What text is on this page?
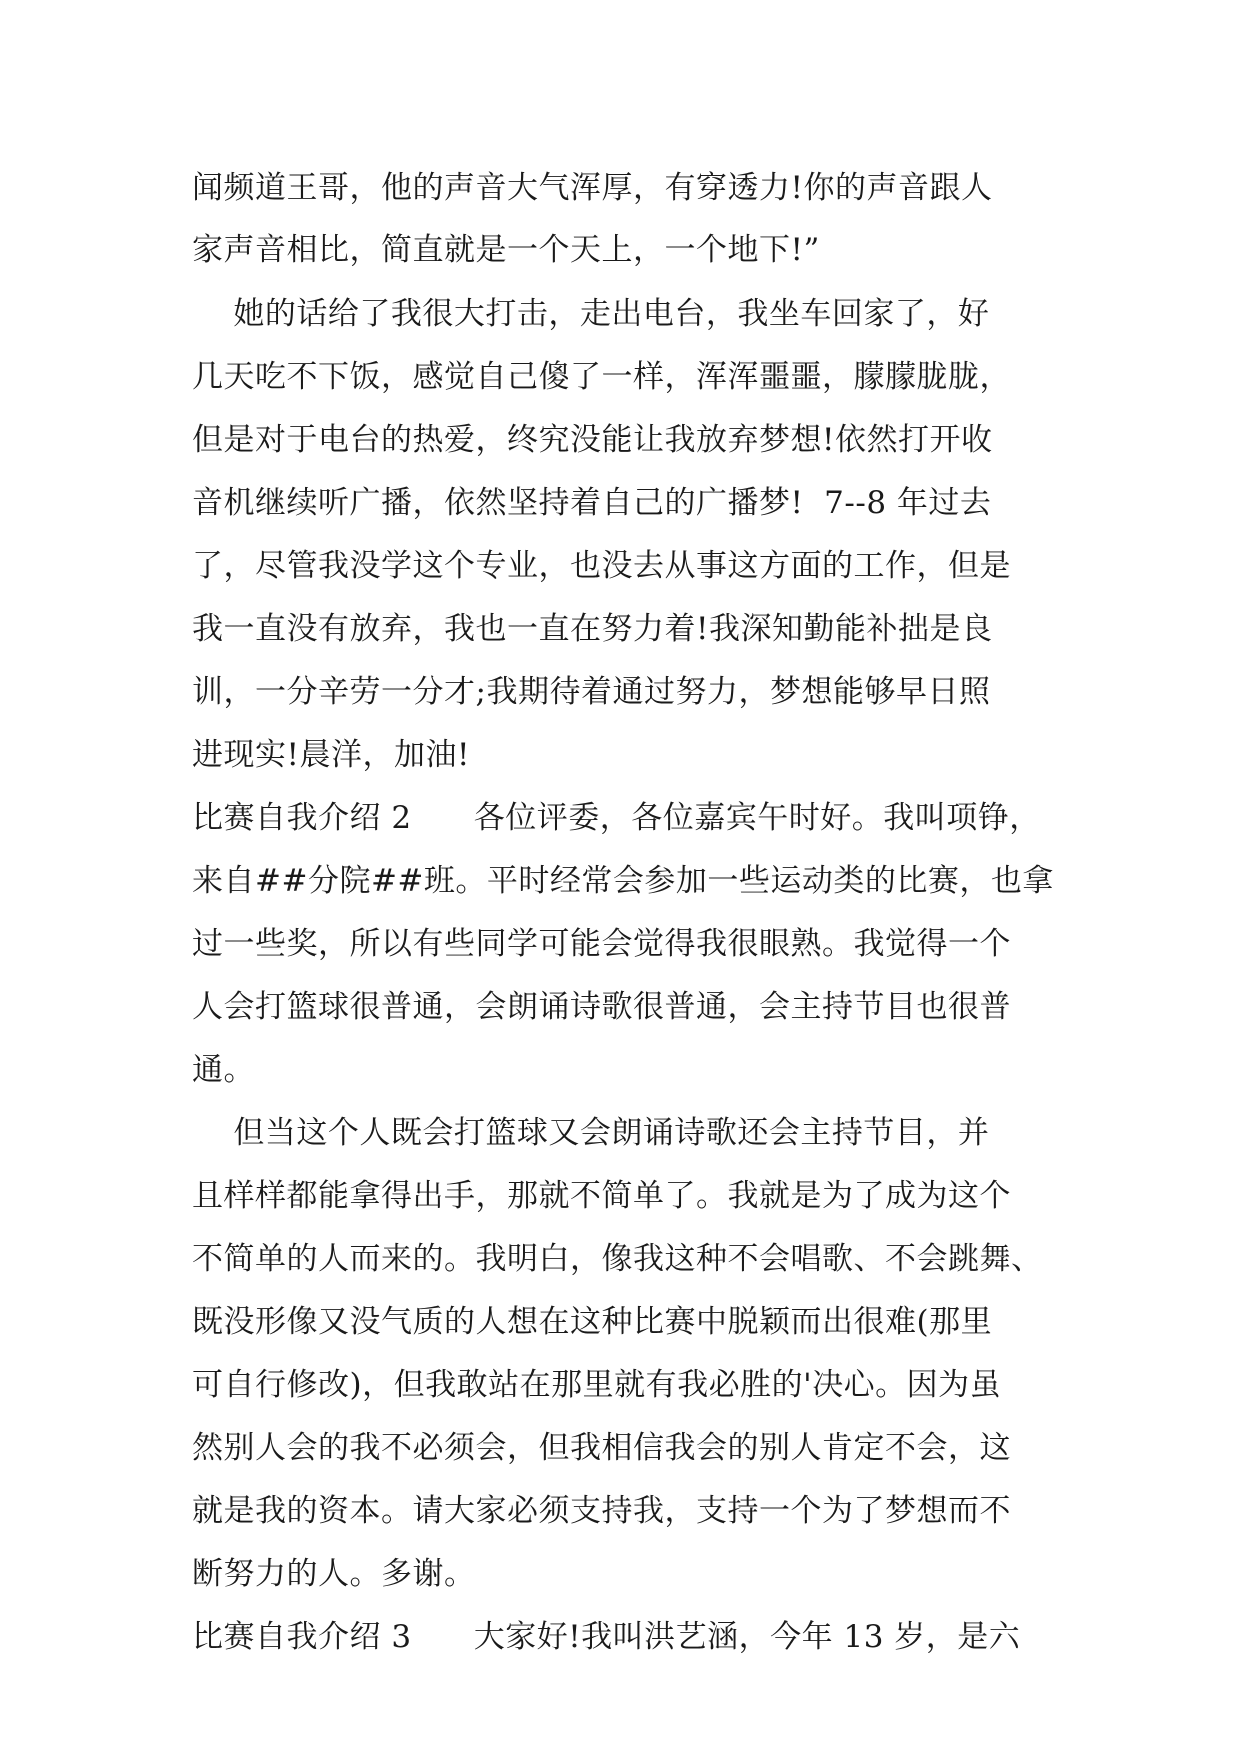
闻频道王哥，他的声音大气浑厚，有穿透力!你的声音跟人
家声音相比，简直就是一个天上，一个地下!”
她的话给了我很大打击，走出电台，我坐车回家了，好
几天吃不下饭，感觉自己傻了一样，浑浑噩噩，朦朦胧胧，
但是对于电台的热爱，终究没能让我放弃梦想!依然打开收
音机继续听广播，依然坚持着自己的广播梦!  7--8 年过去
了，尽管我没学这个专业，也没去从事这方面的工作，但是
我一直没有放弃，我也一直在努力着!我深知勤能补拙是良
训，一分辛劳一分才;我期待着通过努力，梦想能够早日照
进现实!晨洋，加油!
比赛自我介绍 2      各位评委，各位嘉宾午时好。我叫项铮，
来自##分院##班。平时经常会参加一些运动类的比赛，也拿
过一些奖，所以有些同学可能会觉得我很眼熟。我觉得一个
人会打篮球很普通，会朗诵诗歌很普通，会主持节目也很普
通。
但当这个人既会打篮球又会朗诵诗歌还会主持节目，并
且样样都能拿得出手，那就不简单了。我就是为了成为这个
不简单的人而来的。我明白，像我这种不会唱歌、不会跳舞、
既没形像又没气质的人想在这种比赛中脱颖而出很难(那里
可自行修改)，但我敢站在那里就有我必胜的'决心。因为虽
然别人会的我不必须会，但我相信我会的别人肯定不会，这
就是我的资本。请大家必须支持我，支持一个为了梦想而不
断努力的人。多谢。
比赛自我介绍 3      大家好!我叫洪艺涵，今年 13 岁，是六
